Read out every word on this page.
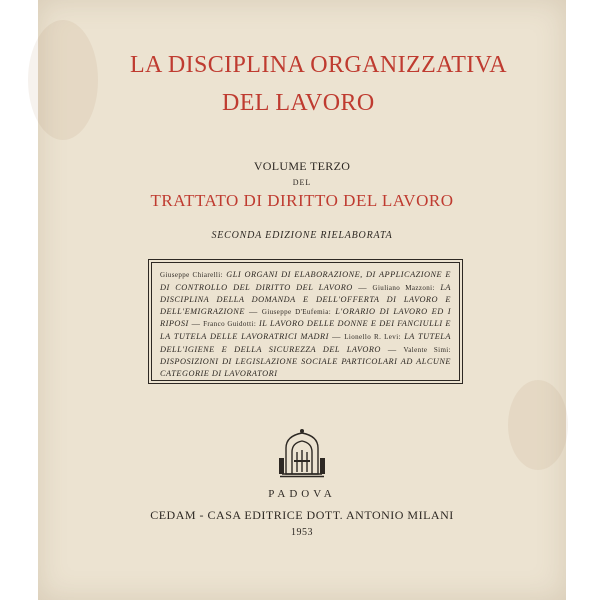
LA DISCIPLINA ORGANIZZATIVA
DEL LAVORO
VOLUME TERZO
DEL
TRATTATO DI DIRITTO DEL LAVORO
SECONDA EDIZIONE RIELABORATA
Giuseppe Chiarelli: GLI ORGANI DI ELABORAZIONE, DI APPLICAZIONE E DI CONTROLLO DEL DIRITTO DEL LAVORO — Giuliano Mazzoni: LA DISCIPLINA DELLA DOMANDA E DELL'OFFERTA DI LAVORO E DELL'EMIGRAZIONE — Giuseppe D'Eufemia: L'ORARIO DI LAVORO ED I RIPOSI — Franco Guidotti: IL LAVORO DELLE DONNE E DEI FANCIULLI E LA TUTELA DELLE LAVORATRICI MADRI — Lionello R. Levi: LA TUTELA DELL'IGIENE E DELLA SICUREZZA DEL LAVORO — Valente Simi: DISPOSIZIONI DI LEGISLAZIONE SOCIALE PARTICOLARI AD ALCUNE CATEGORIE DI LAVORATORI
PADOVA
CEDAM - CASA EDITRICE DOTT. ANTONIO MILANI
1953
